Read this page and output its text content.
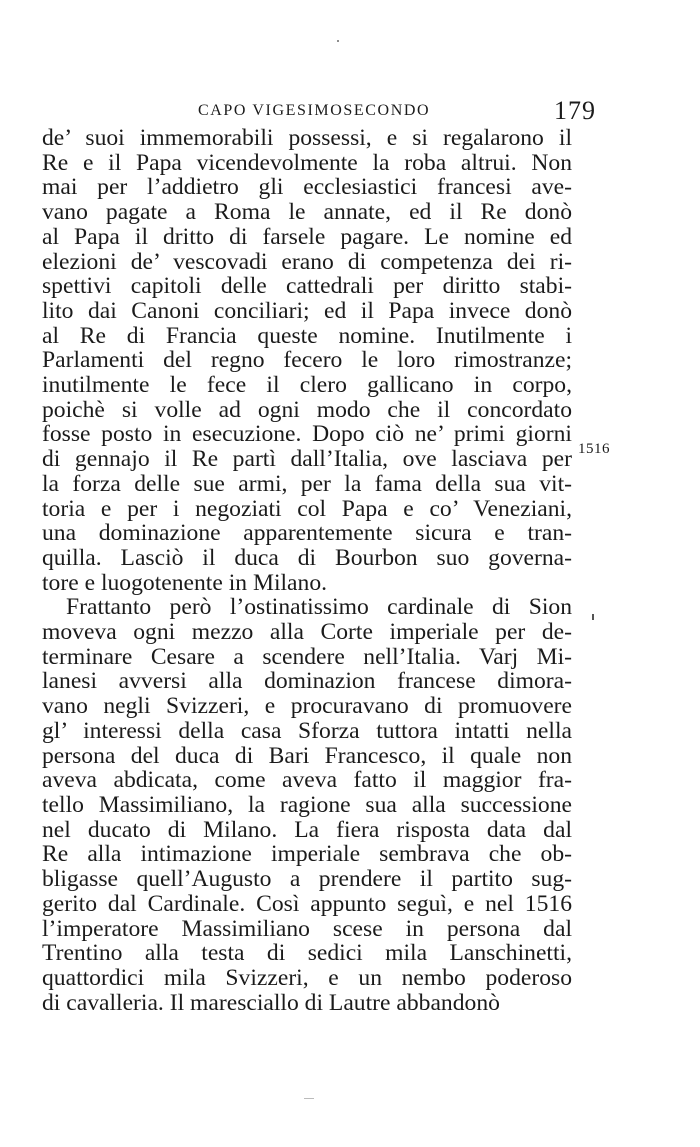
CAPO VIGESIMOSECONDO	179
de’ suoi immemorabili possessi, e si regalarono il
Re e il Papa vicendevolmente la roba altrui. Non
mai per l’addietro gli ecclesiastici francesi ave-
vano pagate a Roma le annate, ed il Re donò
al Papa il dritto di farsele pagare. Le nomine ed
elezioni de’ vescovadi erano di competenza dei ri-
spettivi capitoli delle cattedrali per diritto stabi-
lito dai Canoni conciliari; ed il Papa invece donò
al Re di Francia queste nomine. Inutilmente i
Parlamenti del regno fecero le loro rimostranze;
inutilmente le fece il clero gallicano in corpo,
poichè si volle ad ogni modo che il concordato
fosse posto in esecuzione. Dopo ciò ne’ primi giorni
di gennajo il Re partì dall’Italia, ove lasciava per
la forza delle sue armi, per la fama della sua vit-
toria e per i negoziati col Papa e co’ Veneziani,
una dominazione apparentemente sicura e tran-
quilla. Lasciò il duca di Bourbon suo governa-
tore e luogotenente in Milano.
Frattanto però l’ostinatissimo cardinale di Sion
moveva ogni mezzo alla Corte imperiale per de-
terminare Cesare a scendere nell’Italia. Varj Mi-
lanesi avversi alla dominazion francese dimora-
vano negli Svizzeri, e procuravano di promuovere
gl’ interessi della casa Sforza tuttora intatti nella
persona del duca di Bari Francesco, il quale non
aveva abdicata, come aveva fatto il maggior fra-
tello Massimiliano, la ragione sua alla successione
nel ducato di Milano. La fiera risposta data dal
Re alla intimazione imperiale sembrava che ob-
bligasse quell’Augusto a prendere il partito sug-
gerito dal Cardinale. Così appunto seguì, e nel 1516
l’imperatore Massimiliano scese in persona dal
Trentino alla testa di sedici mila Lanschinetti,
quattordici mila Svizzeri, e un nembo poderoso
di cavalleria. Il maresciallo di Lautre abbandonò
1516
